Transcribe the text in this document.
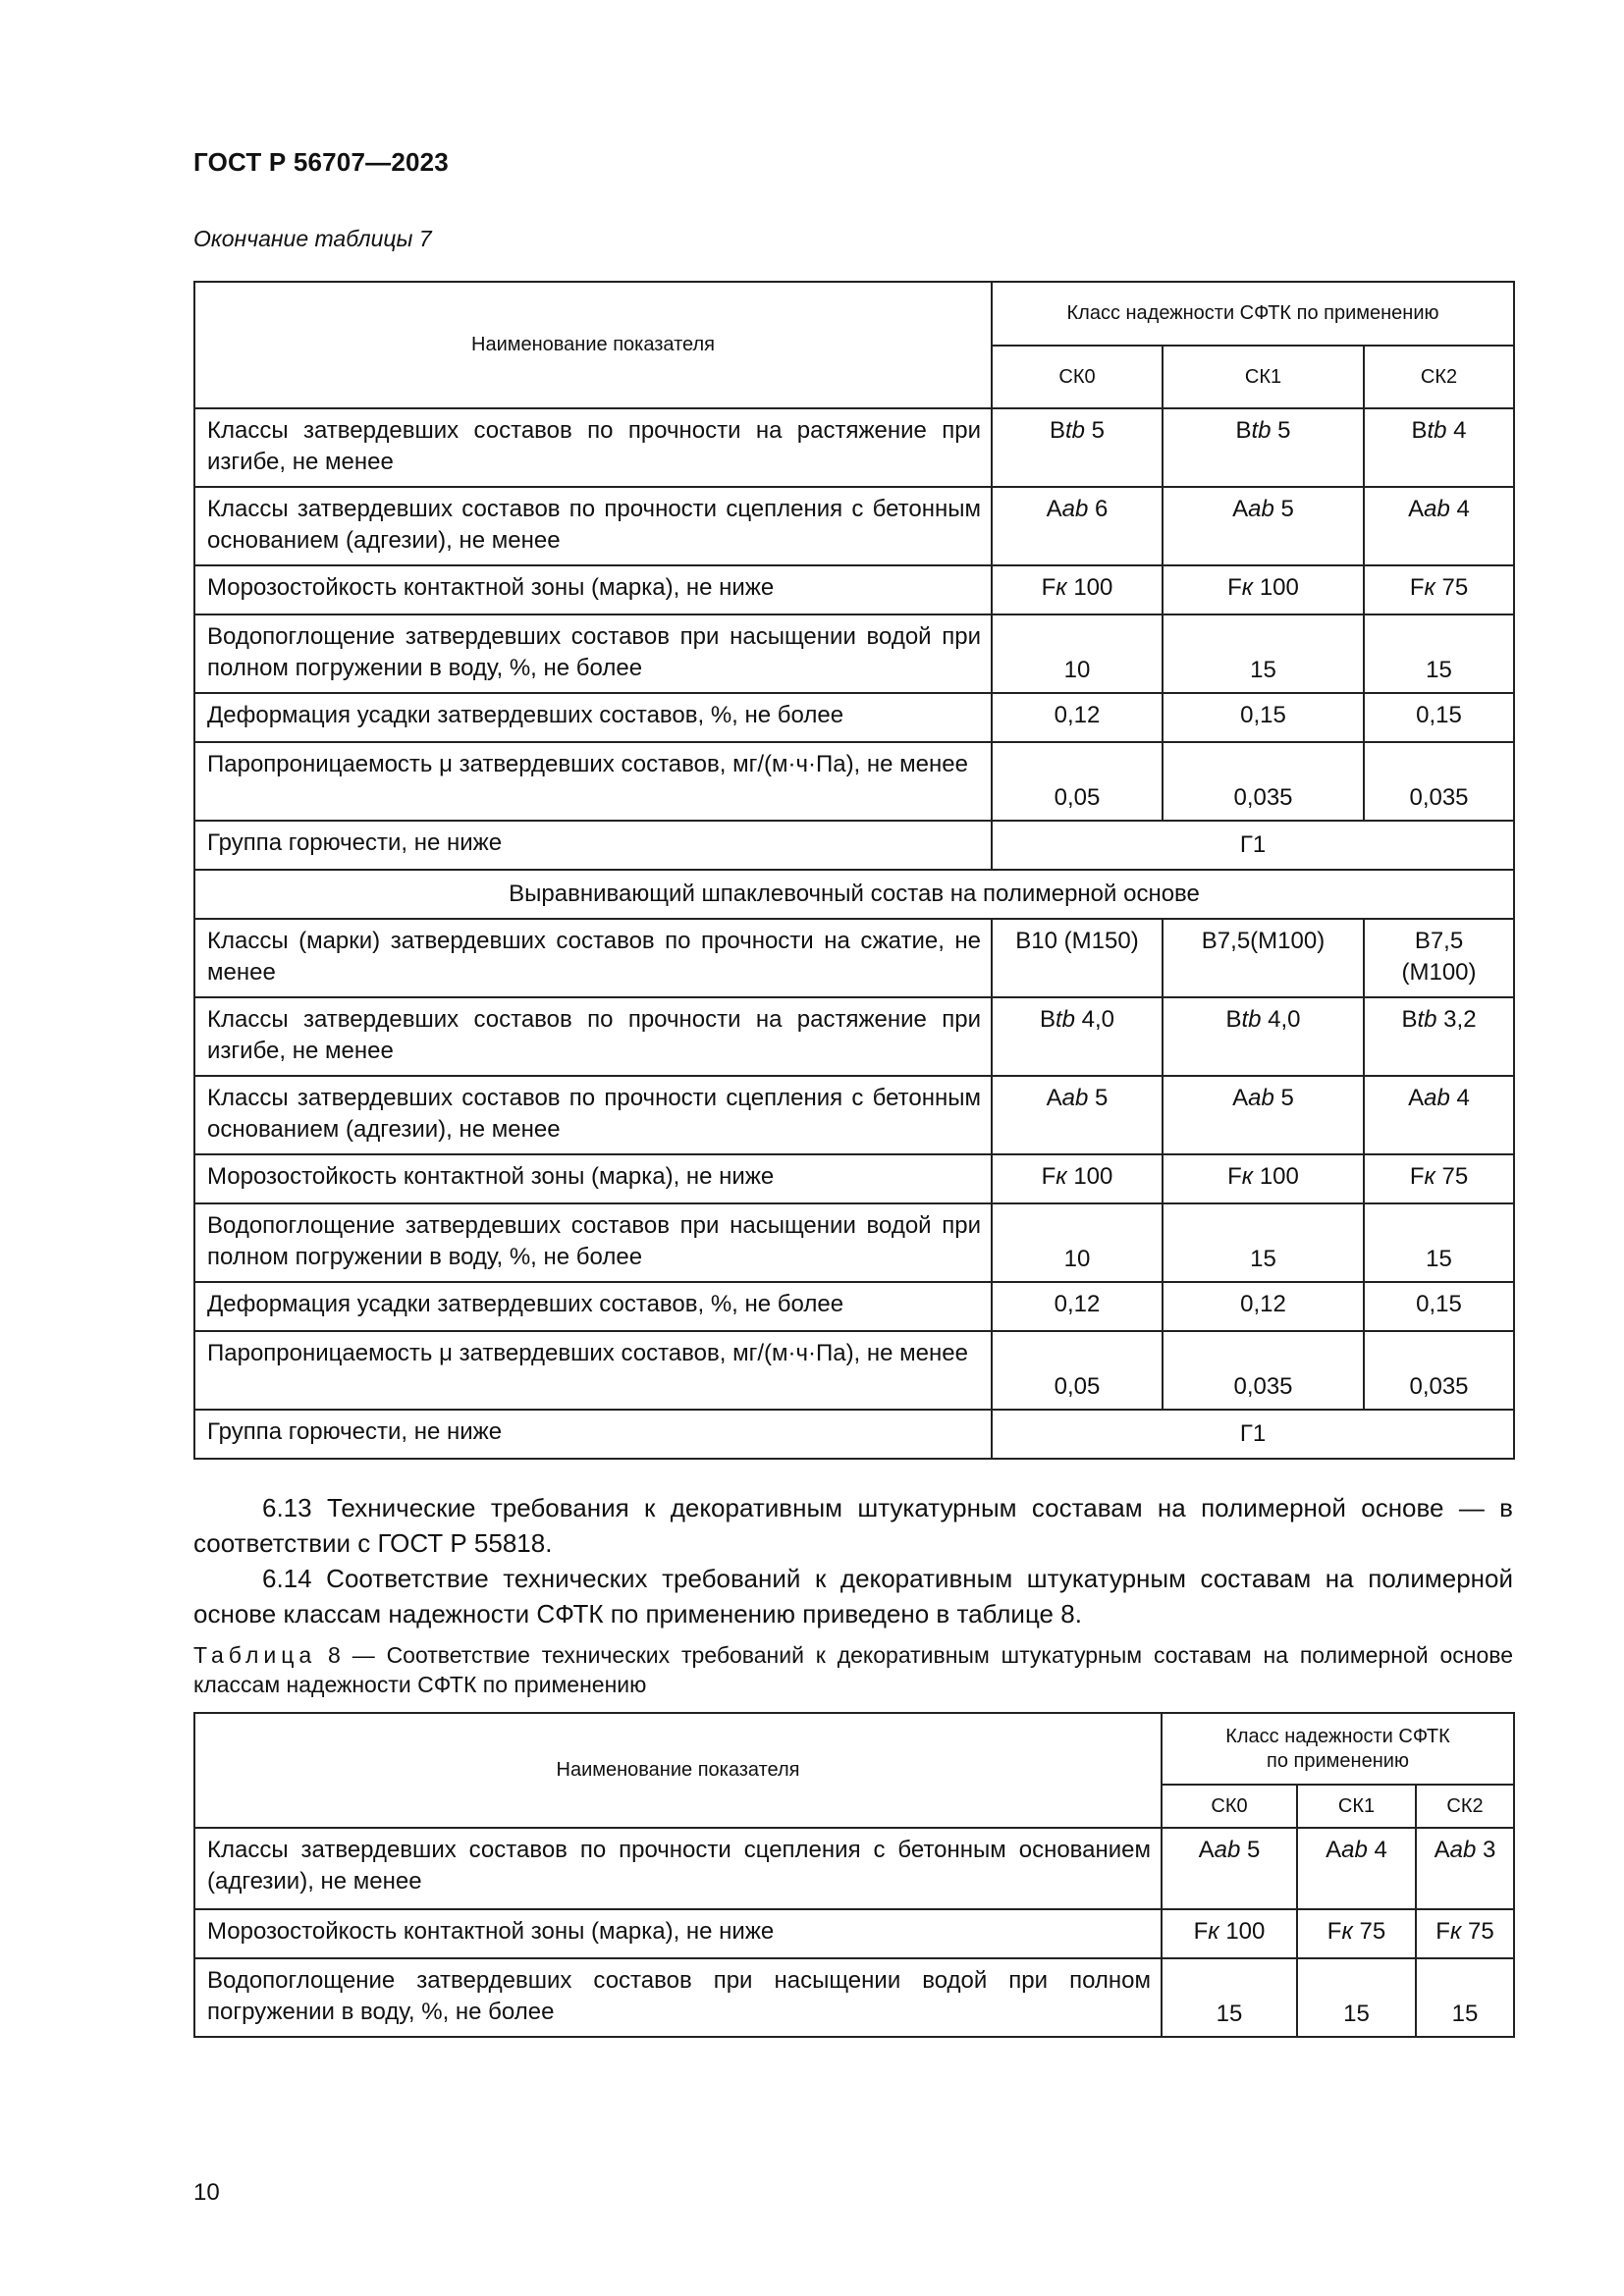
ГОСТ Р 56707—2023
Окончание таблицы 7
Наименование показателя	Класс надежности СФТК по применению		
	СК0	СК1	СК2
Классы затвердевших составов по прочности на растяжение при изгибе, не менее	Btb 5	Btb 5	Btb 4
Классы затвердевших составов по прочности сцепления с бетонным основанием (адгезии), не менее	Aab 6	Aab 5	Aab 4
Морозостойкость контактной зоны (марка), не ниже	Fк 100	Fк 100	Fк 75
Водопоглощение затвердевших составов при насыщении водой при полном погружении в воду, %, не более	10	15	15
Деформация усадки затвердевших составов, %, не более	0,12	0,15	0,15
Паропроницаемость μ затвердевших составов, мг/(м·ч·Па), не менее	0,05	0,035	0,035
Группа горючести, не ниже	Г1		
Выравнивающий шпаклевочный состав на полимерной основе			
Классы (марки) затвердевших составов по прочности на сжатие, не менее	B10 (M150)	B7,5(M100)	B7,5 (M100)
Классы затвердевших составов по прочности на растяжение при изгибе, не менее	Btb 4,0	Btb 4,0	Btb 3,2
Классы затвердевших составов по прочности сцепления с бетонным основанием (адгезии), не менее	Aab 5	Aab 5	Aab 4
Морозостойкость контактной зоны (марка), не ниже	Fк 100	Fк 100	Fк 75
Водопоглощение затвердевших составов при насыщении водой при полном погружении в воду, %, не более	10	15	15
Деформация усадки затвердевших составов, %, не более	0,12	0,12	0,15
Паропроницаемость μ затвердевших составов, мг/(м·ч·Па), не менее	0,05	0,035	0,035
Группа горючести, не ниже	Г1		
6.13 Технические требования к декоративным штукатурным составам на полимерной основе — в соответствии с ГОСТ Р 55818.
6.14 Соответствие технических требований к декоративным штукатурным составам на полимерной основе классам надежности СФТК по применению приведено в таблице 8.
Таблица 8 — Соответствие технических требований к декоративным штукатурным составам на полимерной основе классам надежности СФТК по применению
Наименование показателя	Класс надежности СФТК
по применению		

	СК0	СК1	СК2
Классы затвердевших составов по прочности сцепления с бетонным основанием (адгезии), не менее	Aab 5	Aab 4	Aab 3
Морозостойкость контактной зоны (марка), не ниже	Fк 100	Fк 75	Fк 75
Водопоглощение затвердевших составов при насыщении водой при полном погружении в воду, %, не более	15	15	15
10
